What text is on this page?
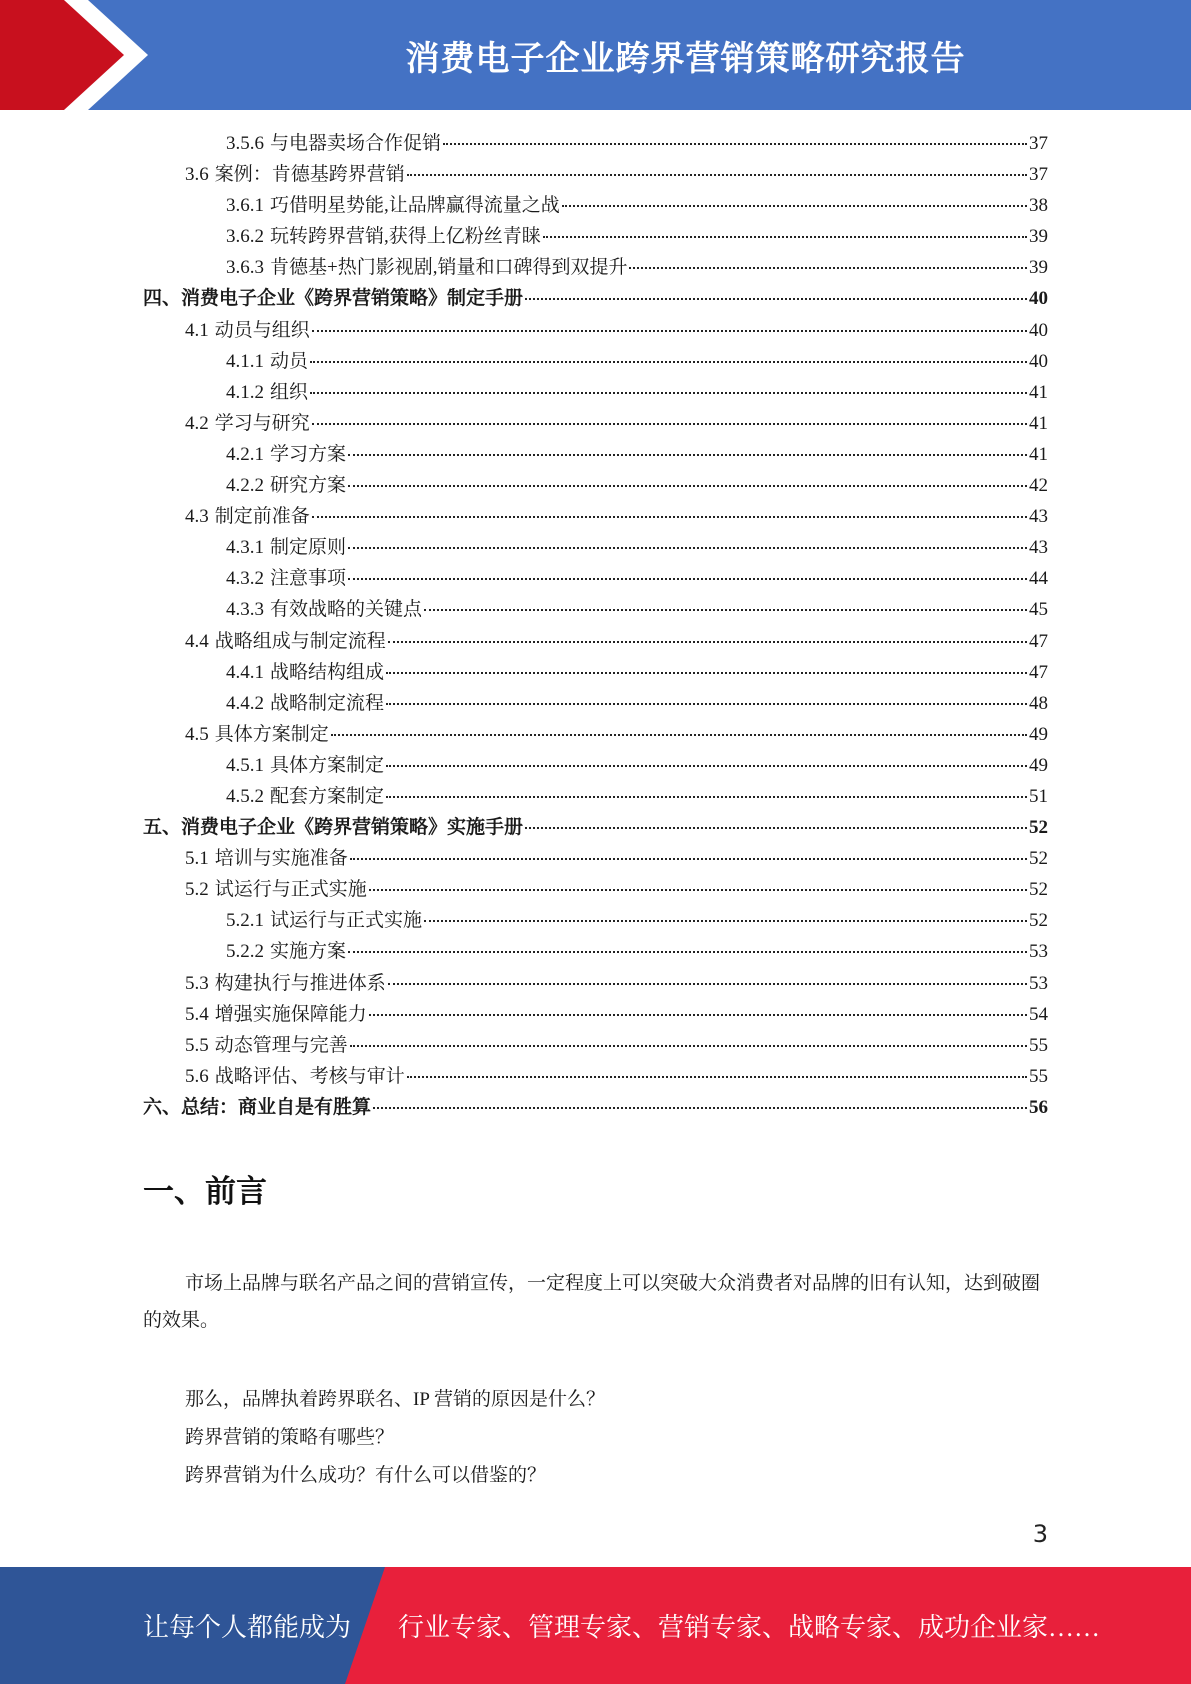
消费电子企业跨界营销策略研究报告
3.5.6 与电器卖场合作促销	37
3.6 案例：肯德基跨界营销	37
3.6.1 巧借明星势能,让品牌赢得流量之战	38
3.6.2 玩转跨界营销,获得上亿粉丝青睐	39
3.6.3 肯德基+热门影视剧,销量和口碑得到双提升	39
四、消费电子企业《跨界营销策略》制定手册	40
4.1 动员与组织	40
4.1.1 动员	40
4.1.2 组织	41
4.2 学习与研究	41
4.2.1 学习方案	41
4.2.2 研究方案	42
4.3 制定前准备	43
4.3.1 制定原则	43
4.3.2 注意事项	44
4.3.3 有效战略的关键点	45
4.4 战略组成与制定流程	47
4.4.1 战略结构组成	47
4.4.2 战略制定流程	48
4.5 具体方案制定	49
4.5.1 具体方案制定	49
4.5.2 配套方案制定	51
五、消费电子企业《跨界营销策略》实施手册	52
5.1 培训与实施准备	52
5.2 试运行与正式实施	52
5.2.1 试运行与正式实施	52
5.2.2 实施方案	53
5.3 构建执行与推进体系	53
5.4 增强实施保障能力	54
5.5 动态管理与完善	55
5.6 战略评估、考核与审计	55
六、总结：商业自是有胜算	56
一、前言
市场上品牌与联名产品之间的营销宣传，一定程度上可以突破大众消费者对品牌的旧有认知，达到破圈的效果。
那么，品牌执着跨界联名、IP 营销的原因是什么？
跨界营销的策略有哪些？
跨界营销为什么成功？有什么可以借鉴的？
3
让每个人都能成为 行业专家、管理专家、营销专家、战略专家、成功企业家……
